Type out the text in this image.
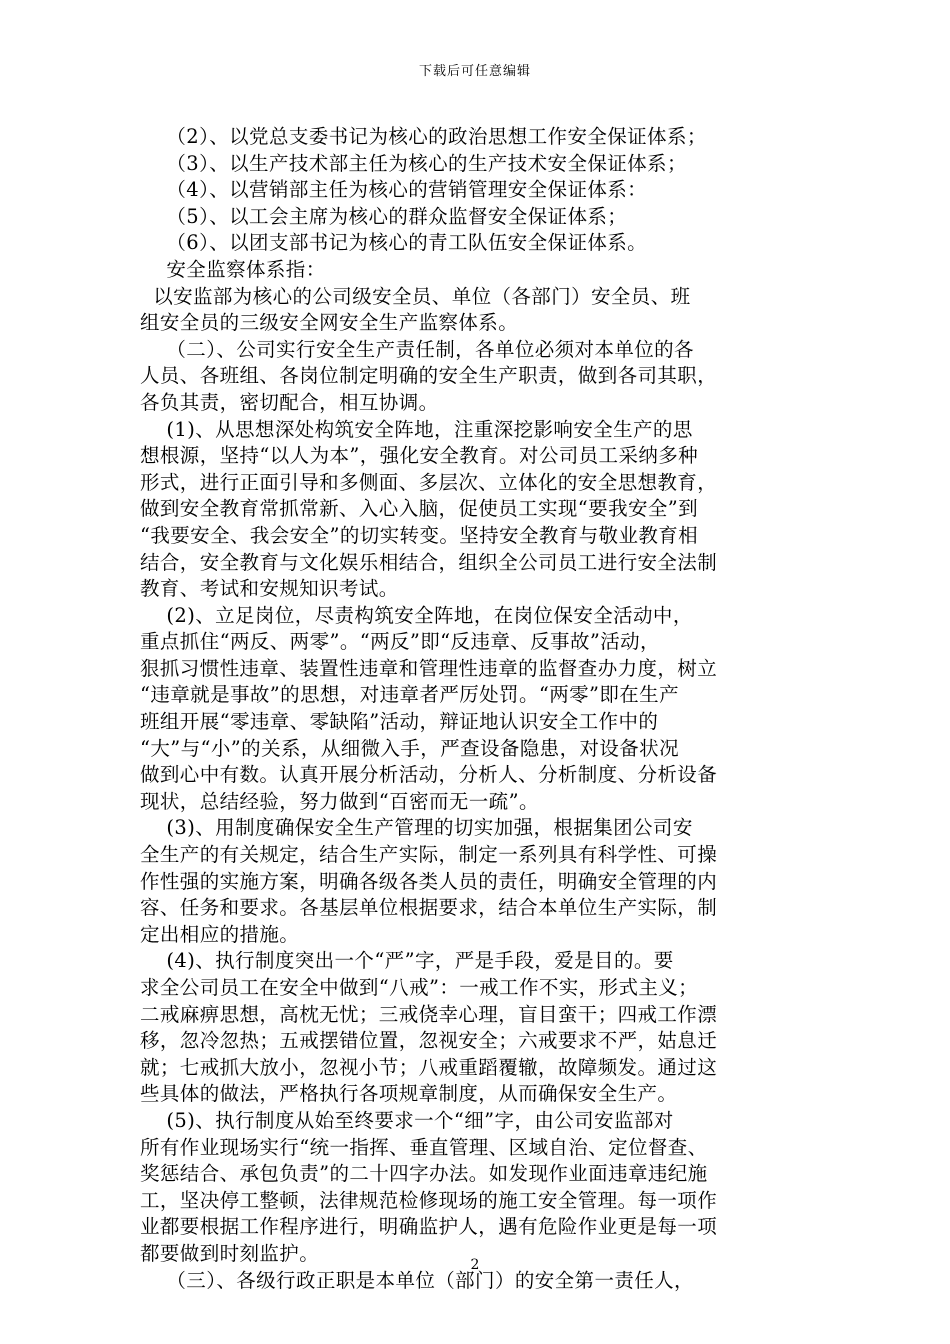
下载后可任意编辑
（2）、以党总支委书记为核心的政治思想工作安全保证体系；
（3）、以生产技术部主任为核心的生产技术安全保证体系；
（4）、以营销部主任为核心的营销管理安全保证体系：
（5）、以工会主席为核心的群众监督安全保证体系；
（6）、以团支部书记为核心的青工队伍安全保证体系。
安全监察体系指：
以安监部为核心的公司级安全员、单位（各部门）安全员、班
组安全员的三级安全网安全生产监察体系。
（二）、公司实行安全生产责任制，各单位必须对本单位的各
人员、各班组、各岗位制定明确的安全生产职责，做到各司其职，
各负其责，密切配合，相互协调。
(1)、从思想深处构筑安全阵地，注重深挖影响安全生产的思
想根源，坚持“以人为本”，强化安全教育。对公司员工采纳多种
形式，进行正面引导和多侧面、多层次、立体化的安全思想教育，
做到安全教育常抓常新、入心入脑，促使员工实现“要我安全”到
“我要安全、我会安全”的切实转变。坚持安全教育与敬业教育相
结合，安全教育与文化娱乐相结合，组织全公司员工进行安全法制
教育、考试和安规知识考试。
(2)、立足岗位，尽责构筑安全阵地，在岗位保安全活动中，
重点抓住“两反、两零”。“两反”即“反违章、反事故”活动，
狠抓习惯性违章、装置性违章和管理性违章的监督查办力度，树立
“违章就是事故”的思想，对违章者严厉处罚。“两零”即在生产
班组开展“零违章、零缺陷”活动，辩证地认识安全工作中的
“大”与“小”的关系，从细微入手，严查设备隐患，对设备状况
做到心中有数。认真开展分析活动，分析人、分析制度、分析设备
现状，总结经验，努力做到“百密而无一疏”。
(3)、用制度确保安全生产管理的切实加强，根据集团公司安
全生产的有关规定，结合生产实际，制定一系列具有科学性、可操
作性强的实施方案，明确各级各类人员的责任，明确安全管理的内
容、任务和要求。各基层单位根据要求，结合本单位生产实际，制
定出相应的措施。
(4)、执行制度突出一个“严”字，严是手段，爱是目的。要
求全公司员工在安全中做到“八戒”：一戒工作不实，形式主义；
二戒麻痹思想，高枕无忧；三戒侥幸心理，盲目蛮干；四戒工作漂
移，忽冷忽热；五戒摆错位置，忽视安全；六戒要求不严，姑息迁
就；七戒抓大放小，忽视小节；八戒重蹈覆辙，故障频发。通过这
些具体的做法，严格执行各项规章制度，从而确保安全生产。
(5)、执行制度从始至终要求一个“细”字，由公司安监部对
所有作业现场实行“统一指挥、垂直管理、区域自治、定位督查、
奖惩结合、承包负责”的二十四字办法。如发现作业面违章违纪施
工，坚决停工整顿，法律规范检修现场的施工安全管理。每一项作
业都要根据工作程序进行，明确监护人，遇有危险作业更是每一项
都要做到时刻监护。
（三）、各级行政正职是本单位（部门）的安全第一责任人，
2
